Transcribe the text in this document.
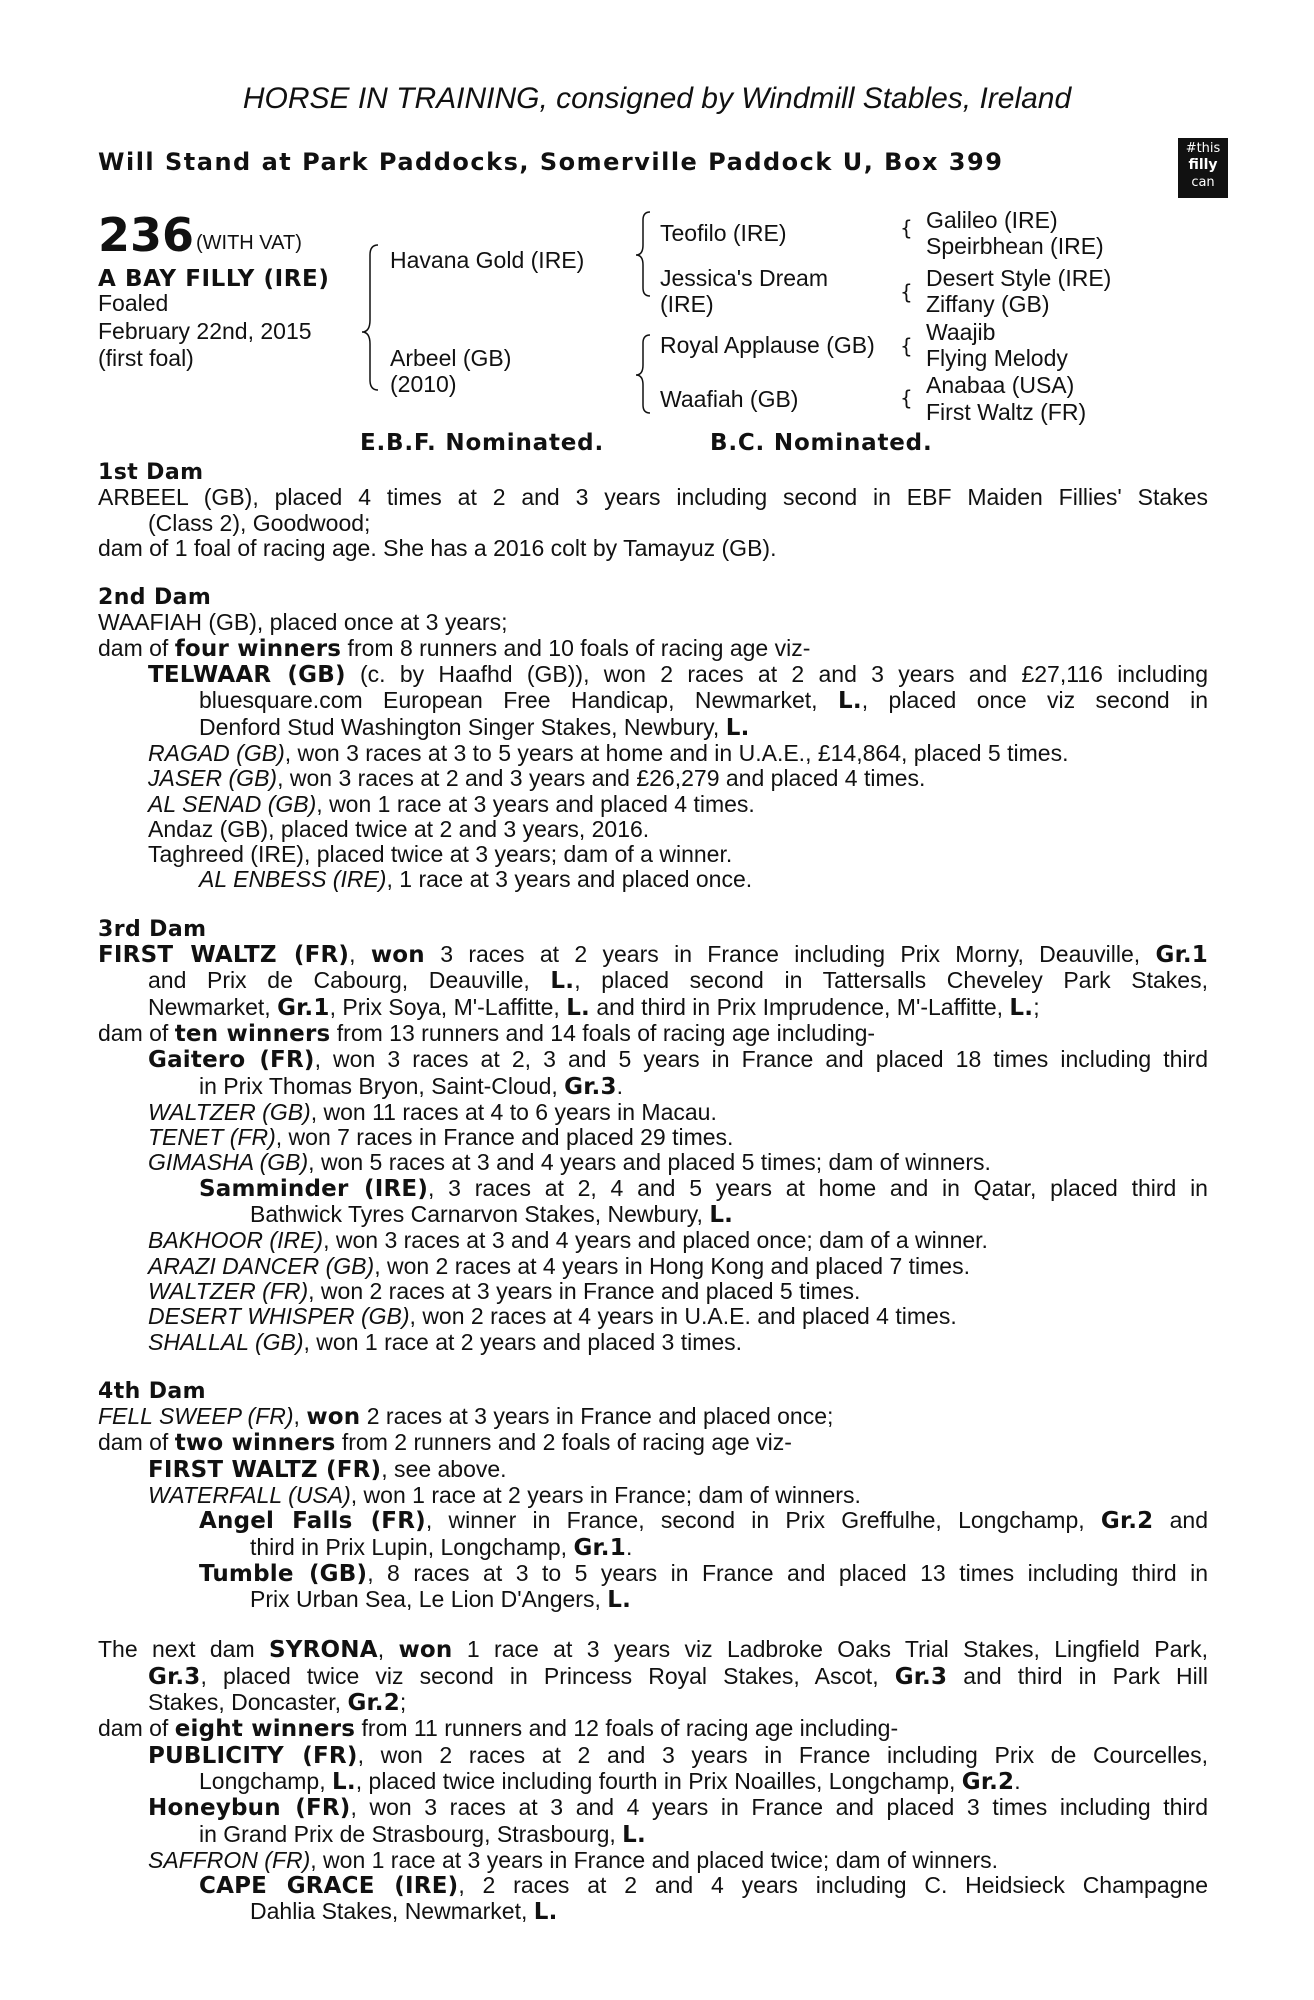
HORSE IN TRAINING, consigned by Windmill Stables, Ireland
Will Stand at Park Paddocks, Somerville Paddock U, Box 399	#this
filly
can
236 (WITH VAT)
A BAY FILLY (IRE)
Foaled
February 22nd, 2015
(first foal)
Havana Gold (IRE)
Arbeel (GB)
(2010)
Teofilo (IRE)
Jessica's Dream
(IRE)
Royal Applause (GB)
Waafiah (GB)
{
{
{
{
Galileo (IRE)
Speirbhean (IRE)
Desert Style (IRE)
Ziffany (GB)
Waajib
Flying Melody
Anabaa (USA)
First Waltz (FR)
E.B.F. Nominated.	B.C. Nominated.
1st Dam
ARBEEL (GB), placed 4 times at 2 and 3 years including second in EBF Maiden Fillies' Stakes
(Class 2), Goodwood;
dam of 1 foal of racing age. She has a 2016 colt by Tamayuz (GB).
2nd Dam
WAAFIAH (GB), placed once at 3 years;
dam of four winners from 8 runners and 10 foals of racing age viz-
TELWAAR (GB) (c. by Haafhd (GB)), won 2 races at 2 and 3 years and £27,116 including
bluesquare.com European Free Handicap, Newmarket, L., placed once viz second in
Denford Stud Washington Singer Stakes, Newbury, L.
RAGAD (GB), won 3 races at 3 to 5 years at home and in U.A.E., £14,864, placed 5 times.
JASER (GB), won 3 races at 2 and 3 years and £26,279 and placed 4 times.
AL SENAD (GB), won 1 race at 3 years and placed 4 times.
Andaz (GB), placed twice at 2 and 3 years, 2016.
Taghreed (IRE), placed twice at 3 years; dam of a winner.
AL ENBESS (IRE), 1 race at 3 years and placed once.
3rd Dam
FIRST WALTZ (FR), won 3 races at 2 years in France including Prix Morny, Deauville, Gr.1
and Prix de Cabourg, Deauville, L., placed second in Tattersalls Cheveley Park Stakes,
Newmarket, Gr.1, Prix Soya, M'-Laffitte, L. and third in Prix Imprudence, M'-Laffitte, L.;
dam of ten winners from 13 runners and 14 foals of racing age including-
Gaitero (FR), won 3 races at 2, 3 and 5 years in France and placed 18 times including third
in Prix Thomas Bryon, Saint-Cloud, Gr.3.
WALTZER (GB), won 11 races at 4 to 6 years in Macau.
TENET (FR), won 7 races in France and placed 29 times.
GIMASHA (GB), won 5 races at 3 and 4 years and placed 5 times; dam of winners.
Samminder (IRE), 3 races at 2, 4 and 5 years at home and in Qatar, placed third in
Bathwick Tyres Carnarvon Stakes, Newbury, L.
BAKHOOR (IRE), won 3 races at 3 and 4 years and placed once; dam of a winner.
ARAZI DANCER (GB), won 2 races at 4 years in Hong Kong and placed 7 times.
WALTZER (FR), won 2 races at 3 years in France and placed 5 times.
DESERT WHISPER (GB), won 2 races at 4 years in U.A.E. and placed 4 times.
SHALLAL (GB), won 1 race at 2 years and placed 3 times.
4th Dam
FELL SWEEP (FR), won 2 races at 3 years in France and placed once;
dam of two winners from 2 runners and 2 foals of racing age viz-
FIRST WALTZ (FR), see above.
WATERFALL (USA), won 1 race at 2 years in France; dam of winners.
Angel Falls (FR), winner in France, second in Prix Greffulhe, Longchamp, Gr.2 and
third in Prix Lupin, Longchamp, Gr.1.
Tumble (GB), 8 races at 3 to 5 years in France and placed 13 times including third in
Prix Urban Sea, Le Lion D'Angers, L.
The next dam SYRONA, won 1 race at 3 years viz Ladbroke Oaks Trial Stakes, Lingfield Park,
Gr.3, placed twice viz second in Princess Royal Stakes, Ascot, Gr.3 and third in Park Hill
Stakes, Doncaster, Gr.2;
dam of eight winners from 11 runners and 12 foals of racing age including-
PUBLICITY (FR), won 2 races at 2 and 3 years in France including Prix de Courcelles,
Longchamp, L., placed twice including fourth in Prix Noailles, Longchamp, Gr.2.
Honeybun (FR), won 3 races at 3 and 4 years in France and placed 3 times including third
in Grand Prix de Strasbourg, Strasbourg, L.
SAFFRON (FR), won 1 race at 3 years in France and placed twice; dam of winners.
CAPE GRACE (IRE), 2 races at 2 and 4 years including C. Heidsieck Champagne
Dahlia Stakes, Newmarket, L.
